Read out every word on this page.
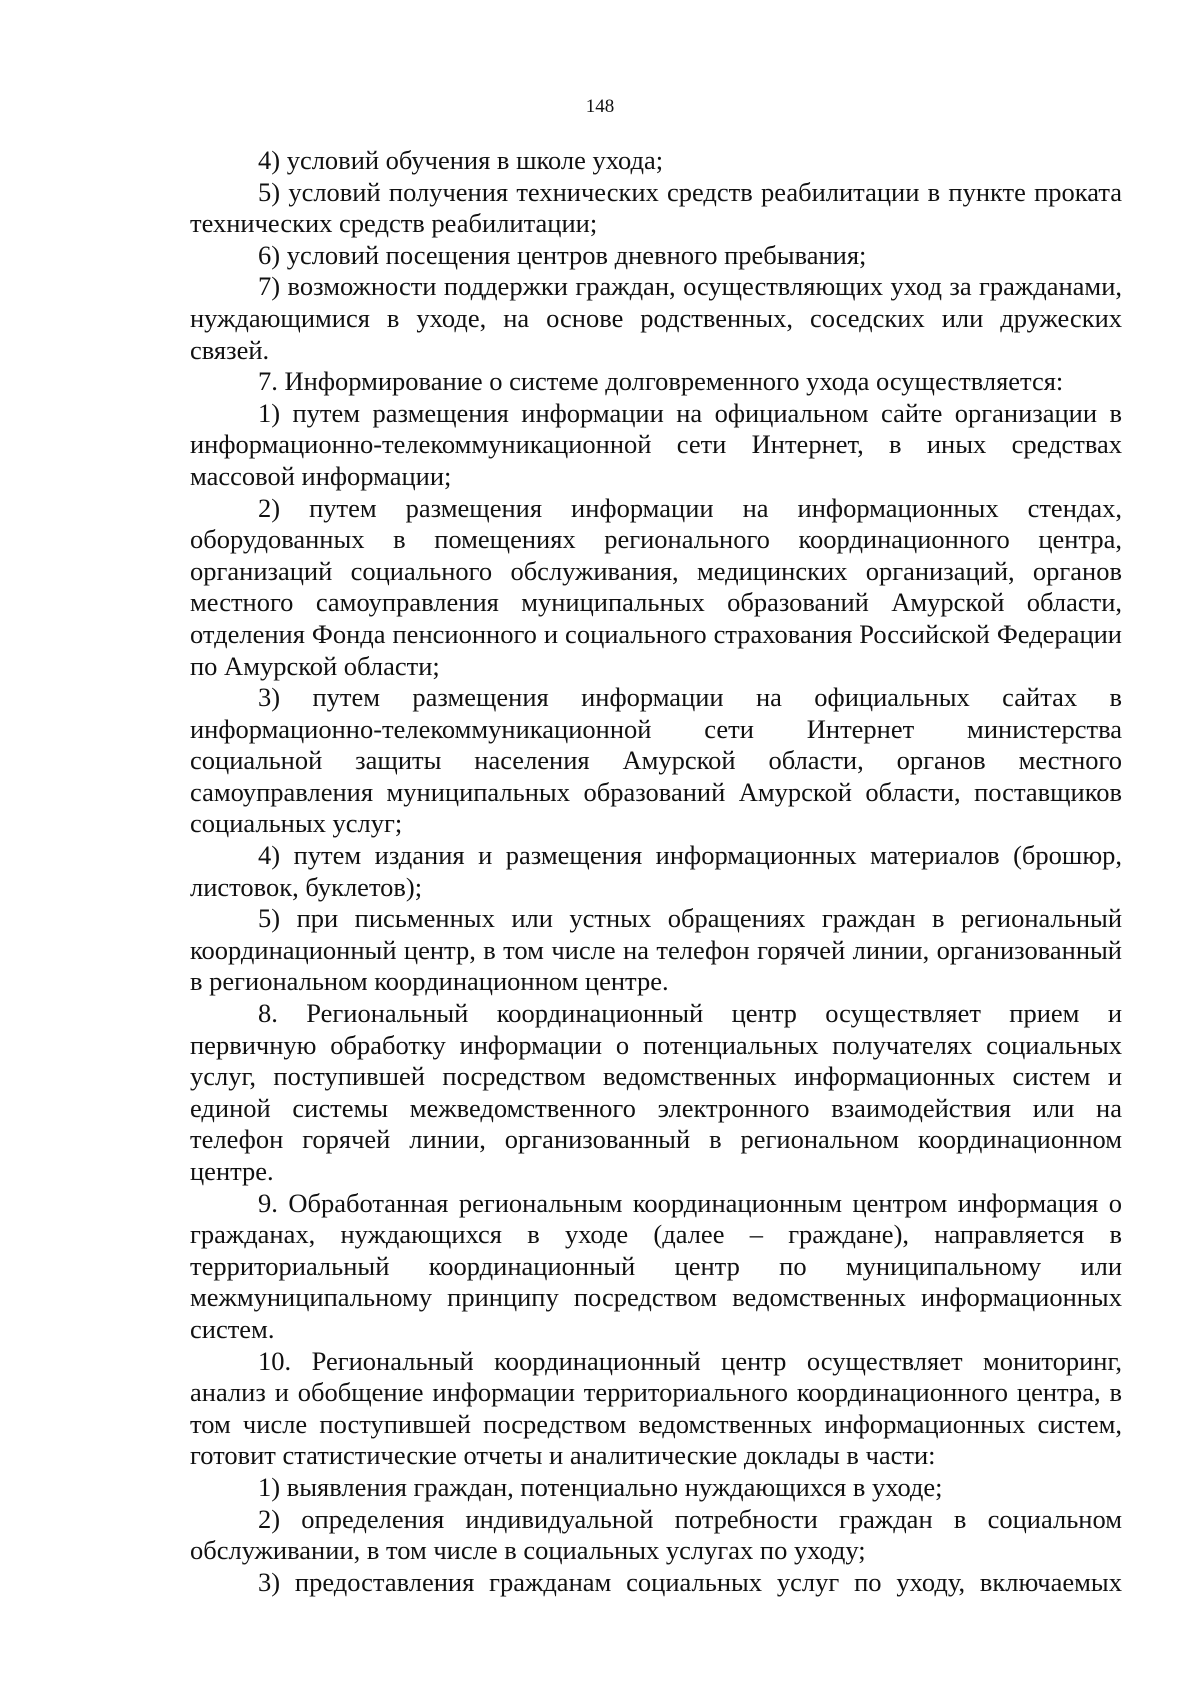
148

4) условий обучения в школе ухода;

5) условий получения технических средств реабилитации в пункте проката технических средств реабилитации;

6) условий посещения центров дневного пребывания;

7) возможности поддержки граждан, осуществляющих уход за гражданами, нуждающимися в уходе, на основе родственных, соседских или дружеских связей.

7. Информирование о системе долговременного ухода осуществляется:

1) путем размещения информации на официальном сайте организации в информационно-телекоммуникационной сети Интернет, в иных средствах массовой информации;

2) путем размещения информации на информационных стендах, оборудованных в помещениях регионального координационного центра, организаций социального обслуживания, медицинских организаций, органов местного самоуправления муниципальных образований Амурской области, отделения Фонда пенсионного и социального страхования Российской Федерации по Амурской области;

3) путем размещения информации на официальных сайтах в информационно-телекоммуникационной сети Интернет министерства социальной защиты населения Амурской области, органов местного самоуправления муниципальных образований Амурской области, поставщиков социальных услуг;

4) путем издания и размещения информационных материалов (брошюр, листовок, буклетов);

5) при письменных или устных обращениях граждан в региональный координационный центр, в том числе на телефон горячей линии, организованный в региональном координационном центре.

8. Региональный координационный центр осуществляет прием и первичную обработку информации о потенциальных получателях социальных услуг, поступившей посредством ведомственных информационных систем и единой системы межведомственного электронного взаимодействия или на телефон горячей линии, организованный в региональном координационном центре.

9. Обработанная региональным координационным центром информация о гражданах, нуждающихся в уходе (далее – граждане), направляется в территориальный координационный центр по муниципальному или межмуниципальному принципу посредством ведомственных информационных систем.

10. Региональный координационный центр осуществляет мониторинг, анализ и обобщение информации территориального координационного центра, в том числе поступившей посредством ведомственных информационных систем, готовит статистические отчеты и аналитические доклады в части:

1) выявления граждан, потенциально нуждающихся в уходе;

2) определения индивидуальной потребности граждан в социальном обслуживании, в том числе в социальных услугах по уходу;

3) предоставления гражданам социальных услуг по уходу, включаемых
